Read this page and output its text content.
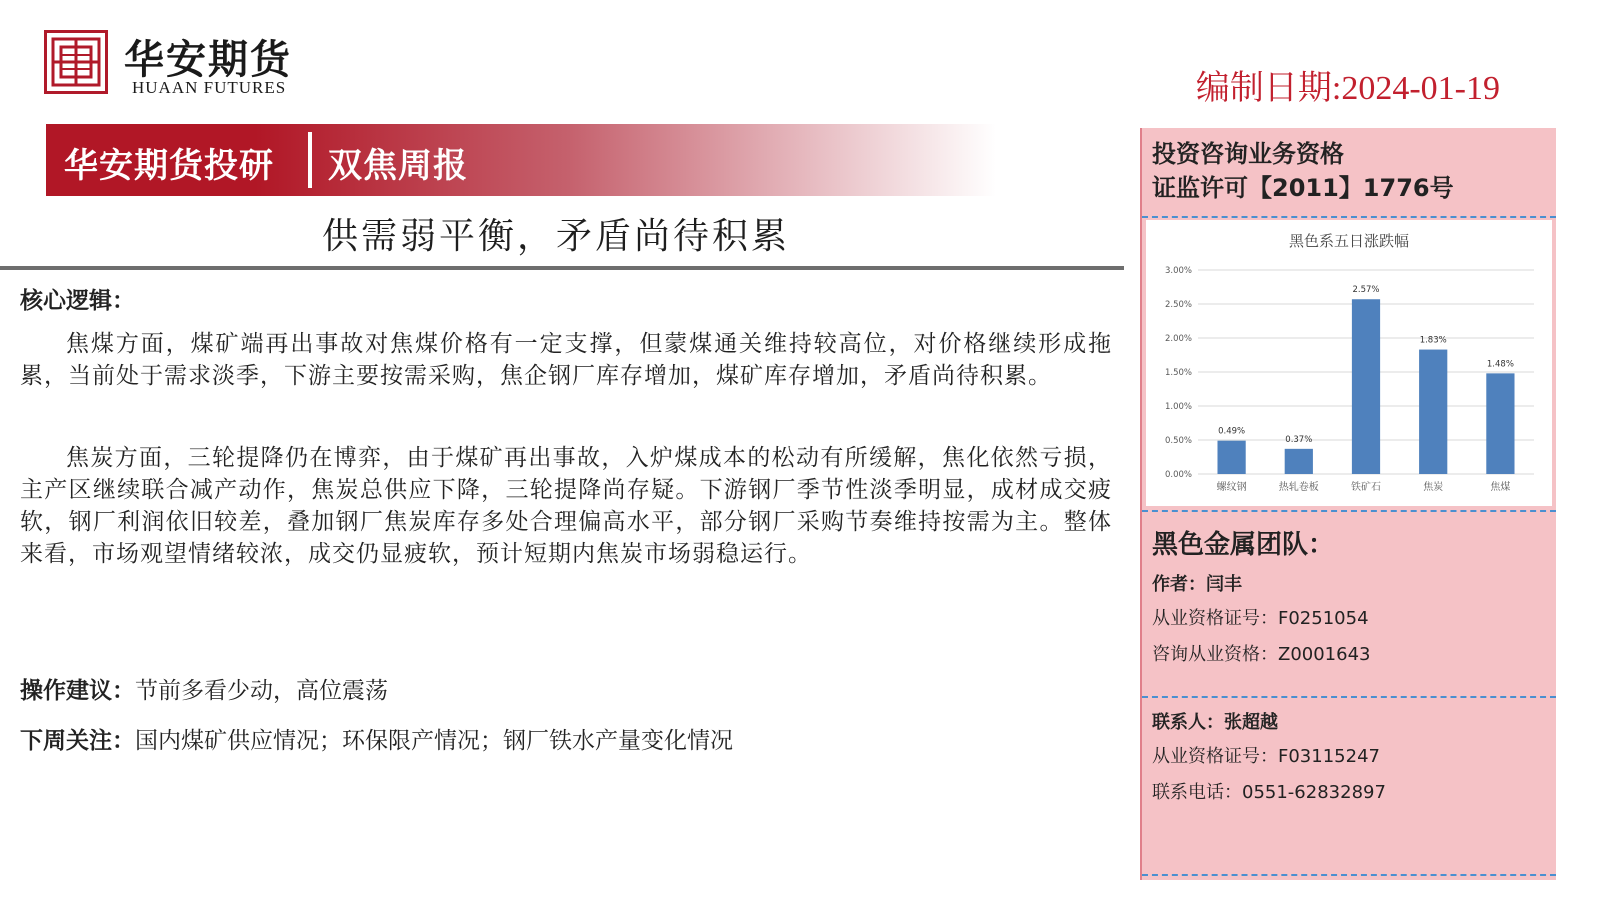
华安期货
HUAAN FUTURES	编制日期:2024-01-19
华安期货投研 双焦周报
供需弱平衡，矛盾尚待积累
核心逻辑：

焦煤方面，煤矿端再出事故对焦煤价格有一定支撑，但蒙煤通关维持较高位，对价格继续形成拖累，当前处于需求淡季，下游主要按需采购，焦企钢厂库存增加，煤矿库存增加，矛盾尚待积累。

焦炭方面，三轮提降仍在博弈，由于煤矿再出事故，入炉煤成本的松动有所缓解，焦化依然亏损，主产区继续联合减产动作，焦炭总供应下降，三轮提降尚存疑。下游钢厂季节性淡季明显，成材成交疲软，钢厂利润依旧较差，叠加钢厂焦炭库存多处合理偏高水平，部分钢厂采购节奏维持按需为主。整体来看，市场观望情绪较浓，成交仍显疲软，预计短期内焦炭市场弱稳运行。

操作建议：节前多看少动，高位震荡
下周关注：国内煤矿供应情况；环保限产情况；钢厂铁水产量变化情况
投资咨询业务资格
证监许可【2011】1776号
黑色系五日涨跌幅
0.00%
0.50%
1.00%
1.50%
2.00%
2.50%
3.00%
0.49%
螺纹钢
0.37%
热轧卷板
2.57%
铁矿石
1.83%
焦炭
1.48%
焦煤
黑色金属团队：
作者：闫丰
从业资格证号：F0251054
咨询从业资格：Z0001643
联系人：张超越
从业资格证号：F03115247
联系电话：0551-62832897
